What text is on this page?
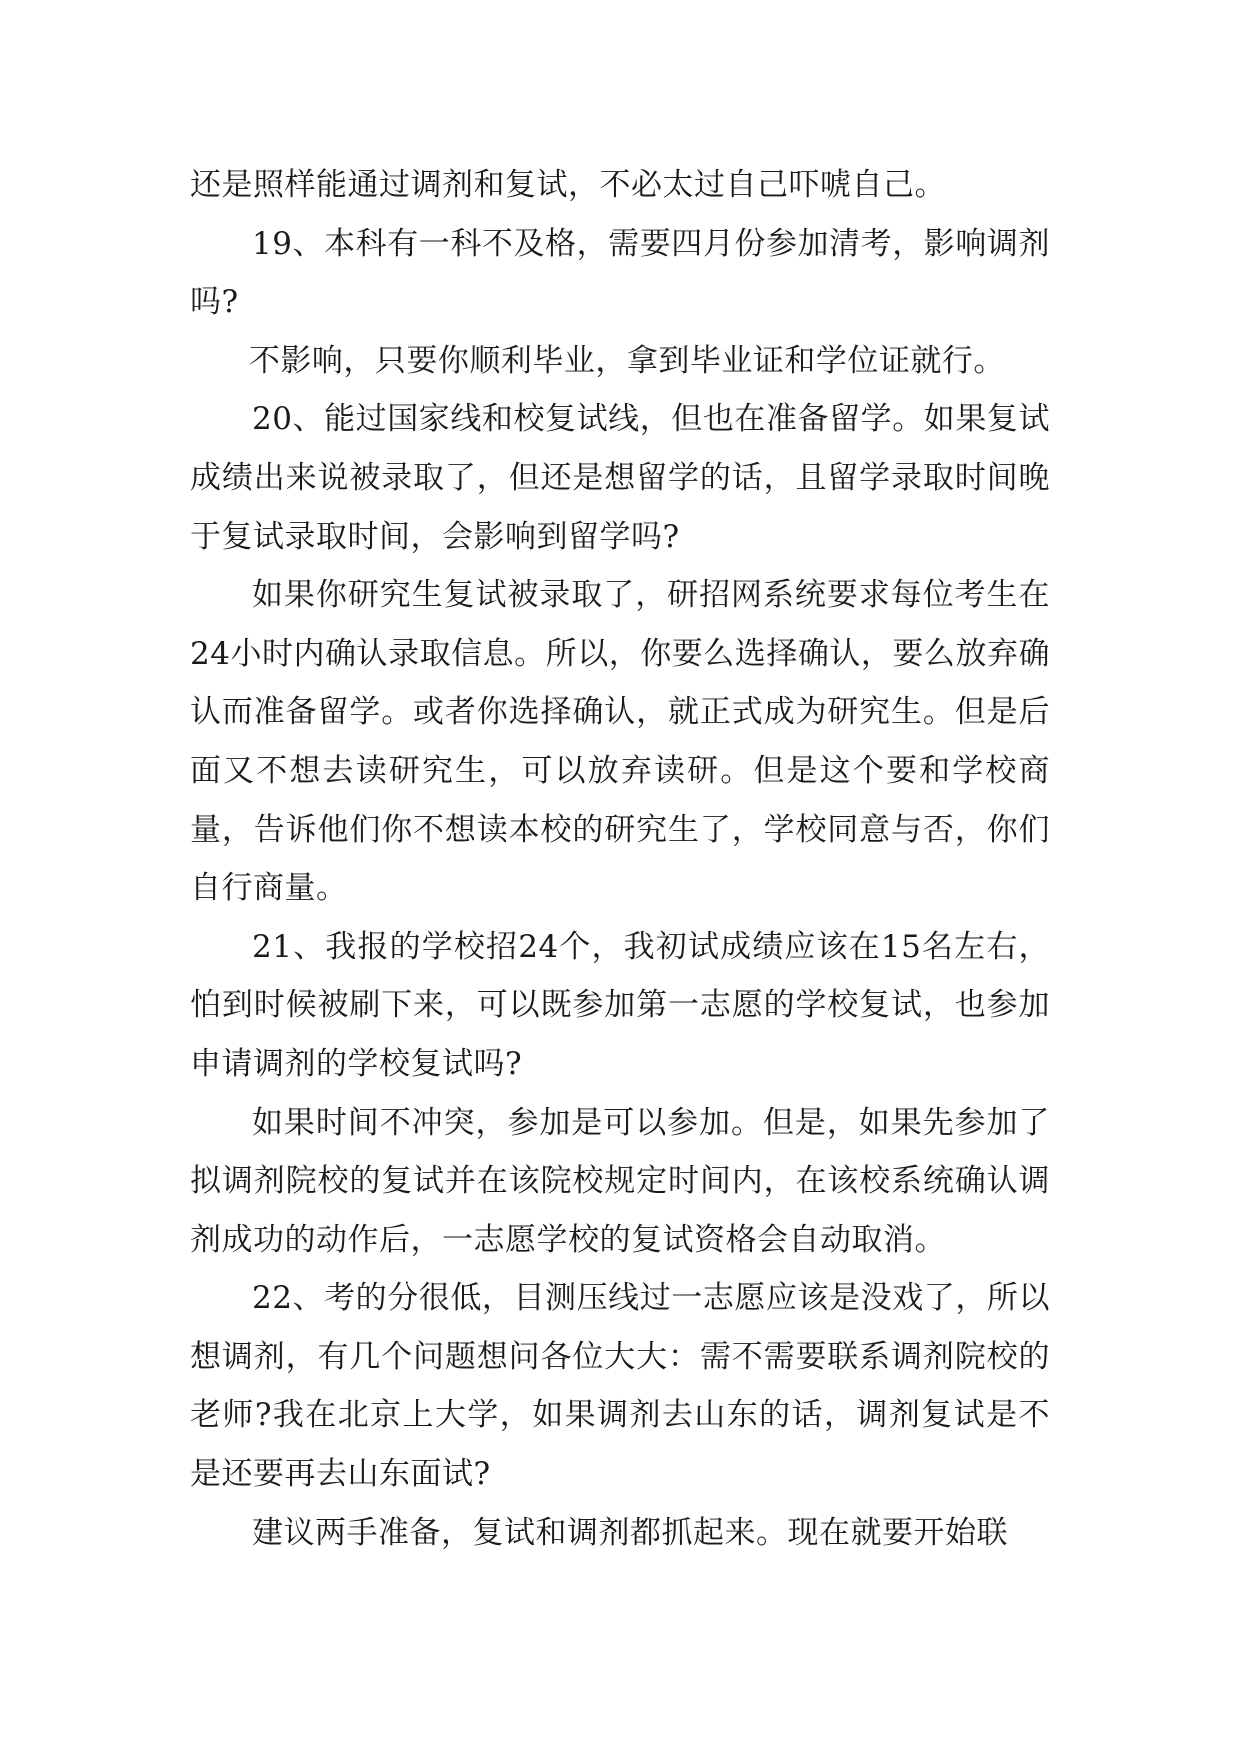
还是照样能通过调剂和复试，不必太过自己吓唬自己。

19、本科有一科不及格，需要四月份参加清考，影响调剂吗?

不影响，只要你顺利毕业，拿到毕业证和学位证就行。

20、能过国家线和校复试线，但也在准备留学。如果复试成绩出来说被录取了，但还是想留学的话，且留学录取时间晚于复试录取时间，会影响到留学吗?

如果你研究生复试被录取了，研招网系统要求每位考生在24小时内确认录取信息。所以，你要么选择确认，要么放弃确认而准备留学。或者你选择确认，就正式成为研究生。但是后面又不想去读研究生，可以放弃读研。但是这个要和学校商量，告诉他们你不想读本校的研究生了，学校同意与否，你们自行商量。

21、我报的学校招24个，我初试成绩应该在15名左右，怕到时候被刷下来，可以既参加第一志愿的学校复试，也参加申请调剂的学校复试吗?

如果时间不冲突，参加是可以参加。但是，如果先参加了拟调剂院校的复试并在该院校规定时间内，在该校系统确认调剂成功的动作后，一志愿学校的复试资格会自动取消。

22、考的分很低，目测压线过一志愿应该是没戏了，所以想调剂，有几个问题想问各位大大：需不需要联系调剂院校的老师?我在北京上大学，如果调剂去山东的话，调剂复试是不是还要再去山东面试?

建议两手准备，复试和调剂都抓起来。现在就要开始联
